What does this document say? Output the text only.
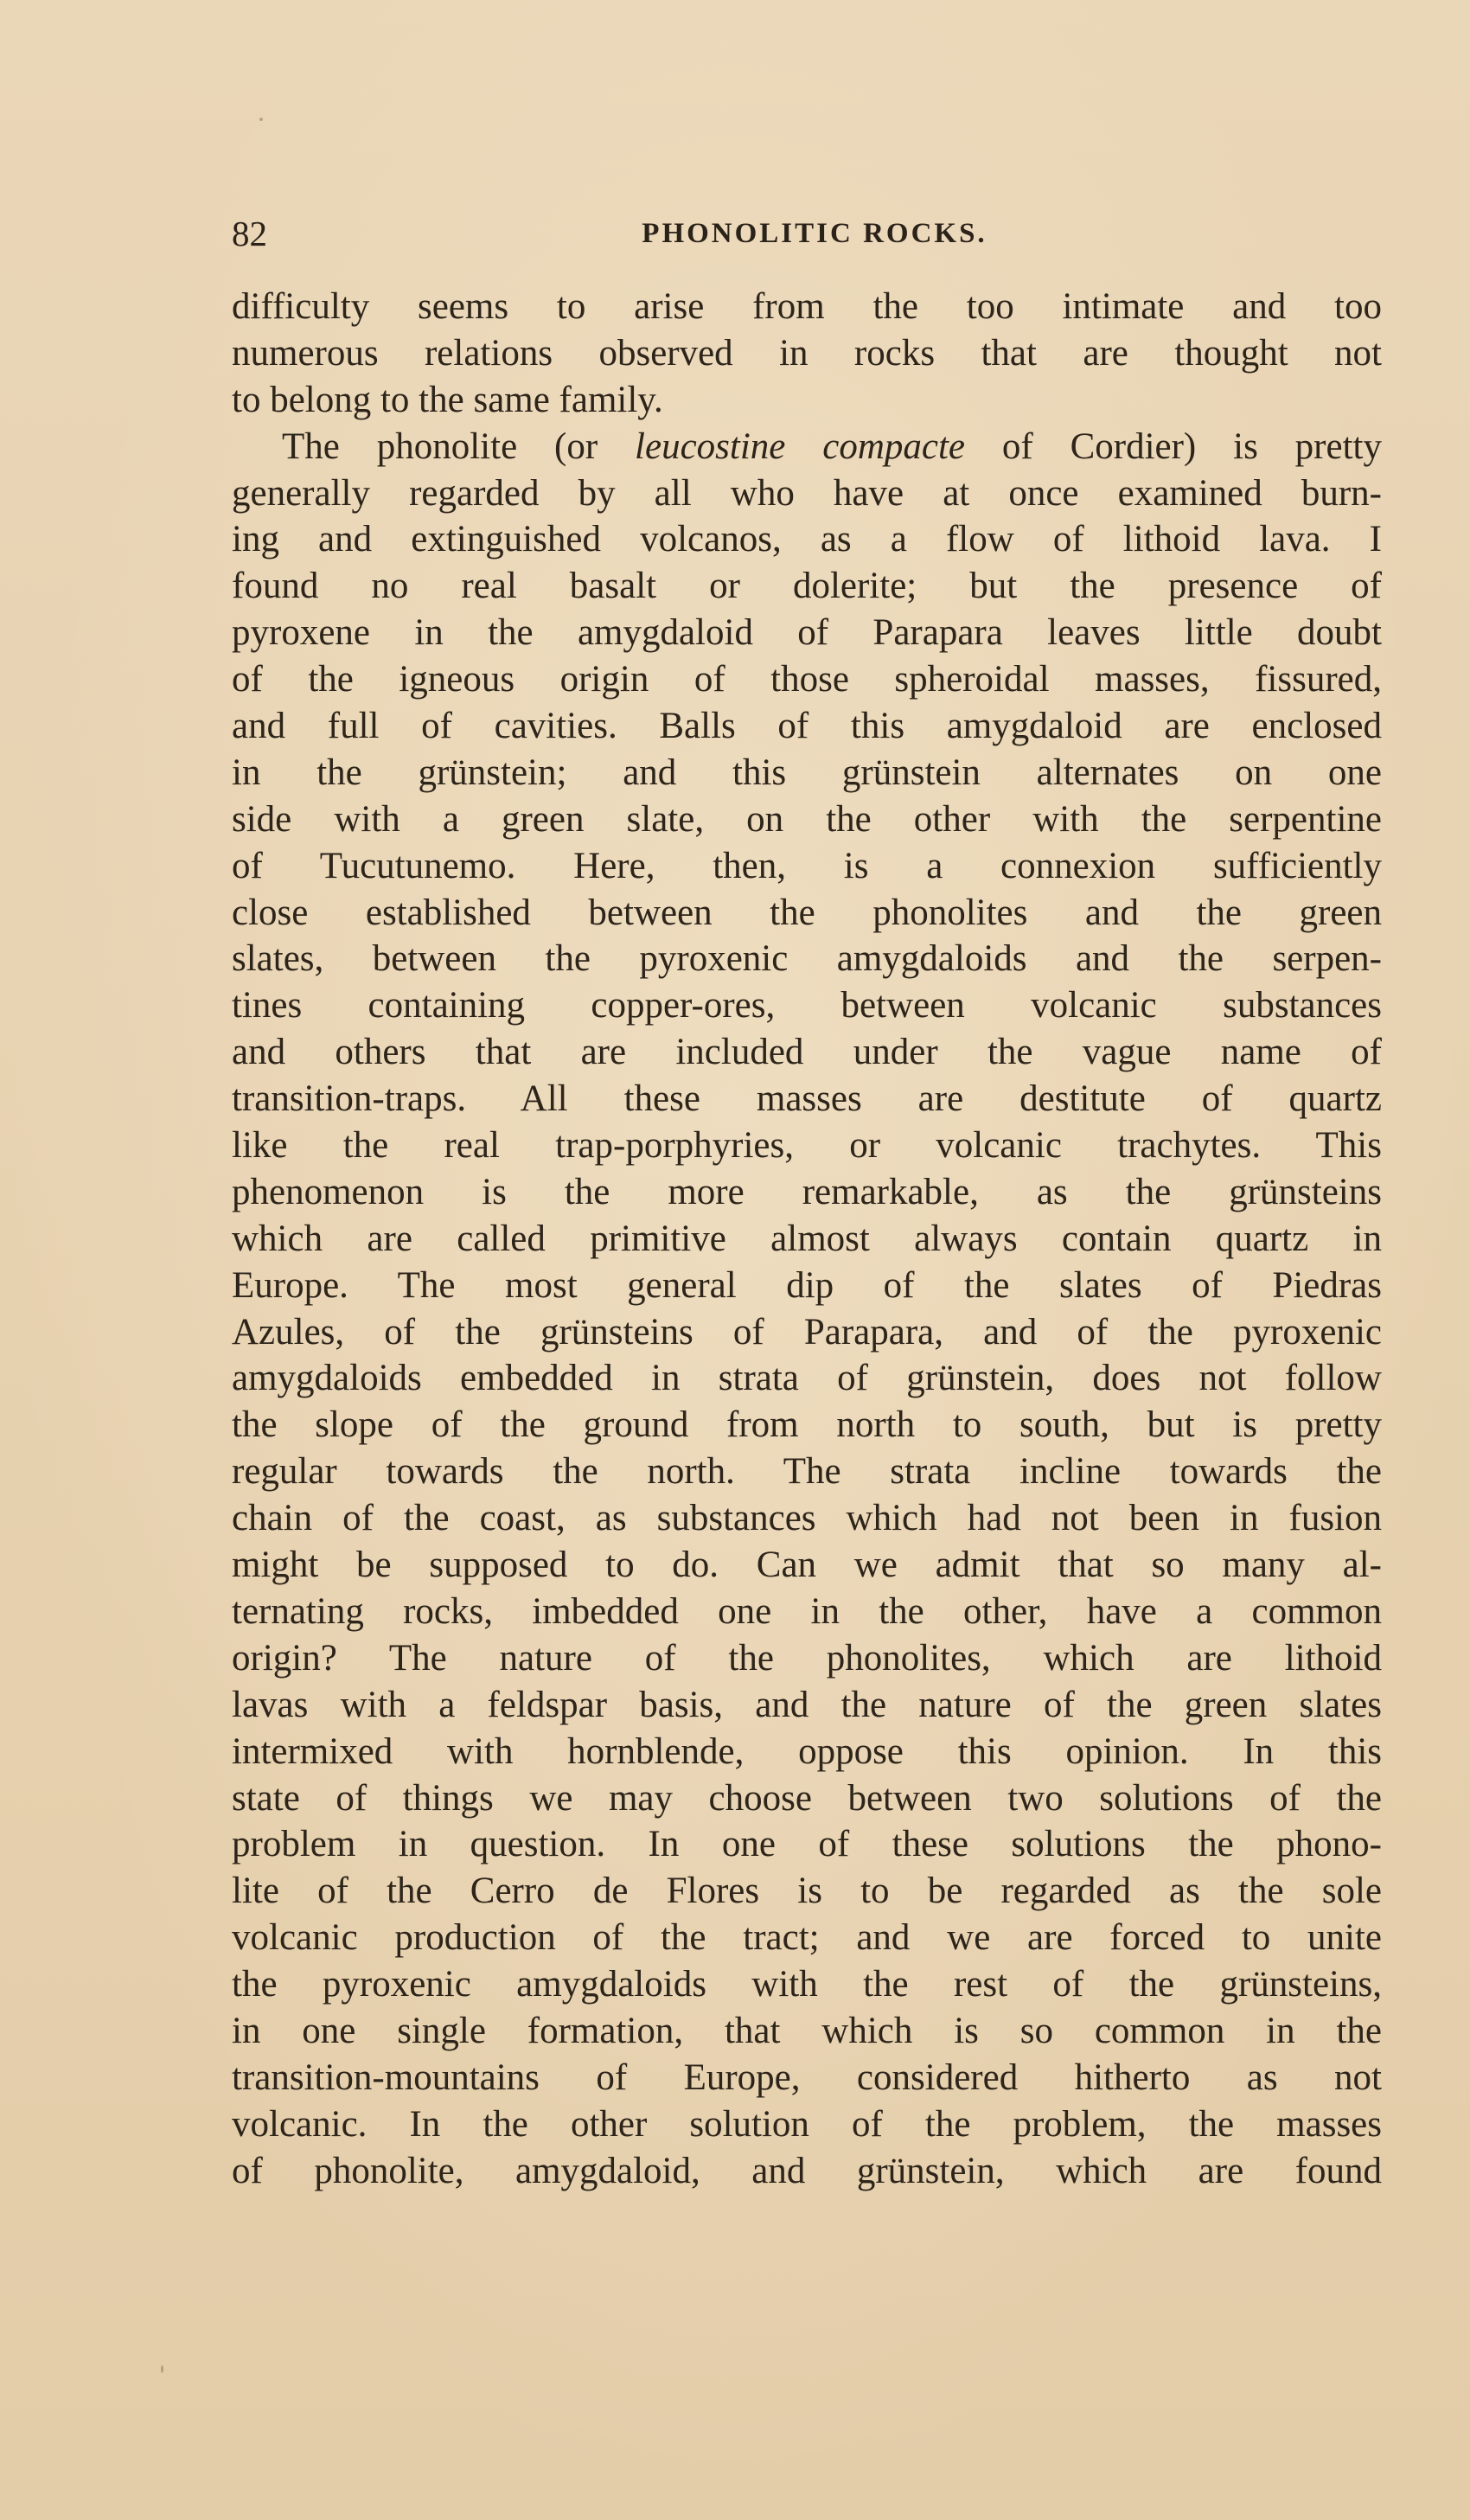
82	PHONOLITIC ROCKS.
difficulty seems to arise from the too intimate and too
numerous relations observed in rocks that are thought not
to belong to the same family.
The phonolite (or leucostine compacte of Cordier) is pretty
generally regarded by all who have at once examined burn-
ing and extinguished volcanos, as a flow of lithoid lava. I
found no real basalt or dolerite; but the presence of
pyroxene in the amygdaloid of Parapara leaves little doubt
of the igneous origin of those spheroidal masses, fissured,
and full of cavities. Balls of this amygdaloid are enclosed
in the grünstein; and this grünstein alternates on one
side with a green slate, on the other with the serpentine
of Tucutunemo. Here, then, is a connexion sufficiently
close established between the phonolites and the green
slates, between the pyroxenic amygdaloids and the serpen-
tines containing copper-ores, between volcanic substances
and others that are included under the vague name of
transition-traps. All these masses are destitute of quartz
like the real trap-porphyries, or volcanic trachytes. This
phenomenon is the more remarkable, as the grünsteins
which are called primitive almost always contain quartz in
Europe. The most general dip of the slates of Piedras
Azules, of the grünsteins of Parapara, and of the pyroxenic
amygdaloids embedded in strata of grünstein, does not follow
the slope of the ground from north to south, but is pretty
regular towards the north. The strata incline towards the
chain of the coast, as substances which had not been in fusion
might be supposed to do. Can we admit that so many al-
ternating rocks, imbedded one in the other, have a common
origin? The nature of the phonolites, which are lithoid
lavas with a feldspar basis, and the nature of the green slates
intermixed with hornblende, oppose this opinion. In this
state of things we may choose between two solutions of the
problem in question. In one of these solutions the phono-
lite of the Cerro de Flores is to be regarded as the sole
volcanic production of the tract; and we are forced to unite
the pyroxenic amygdaloids with the rest of the grünsteins,
in one single formation, that which is so common in the
transition-mountains of Europe, considered hitherto as not
volcanic. In the other solution of the problem, the masses
of phonolite, amygdaloid, and grünstein, which are found
